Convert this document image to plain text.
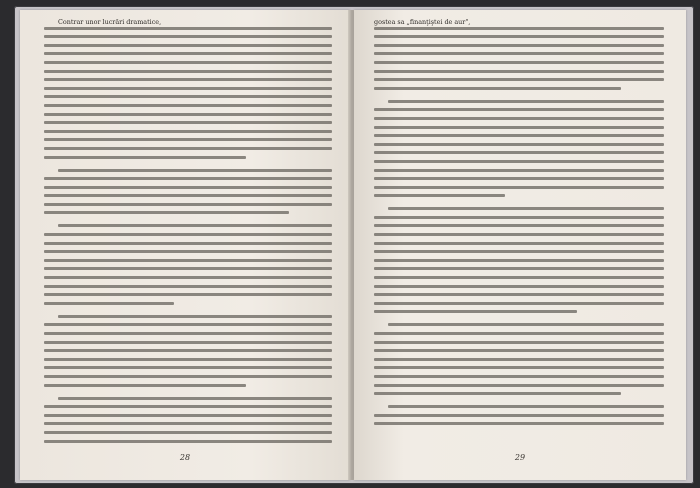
Contrar unor lucrări dramatice,
28
gostea sa „finanţiştei de aur",
29
